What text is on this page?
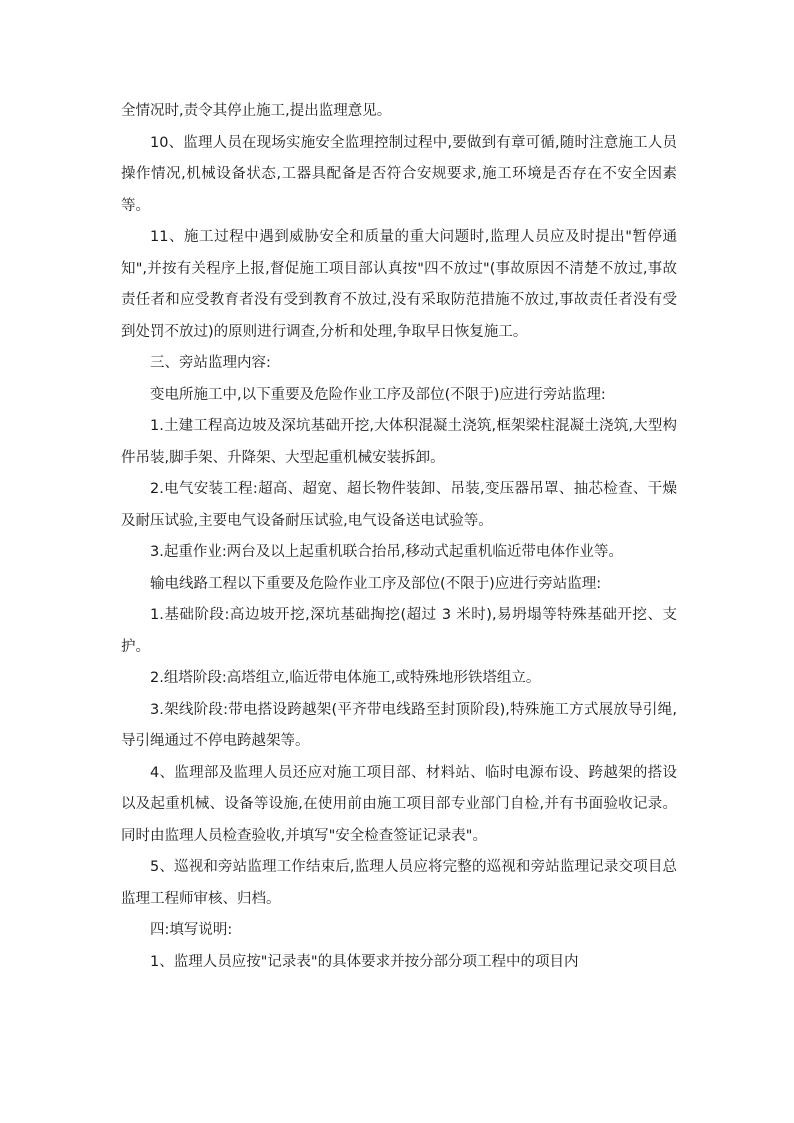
全情况时,责令其停止施工,提出监理意见。

10、监理人员在现场实施安全监理控制过程中,要做到有章可循,随时注意施工人员操作情况,机械设备状态,工器具配备是否符合安规要求,施工环境是否存在不安全因素等。

11、施工过程中遇到威胁安全和质量的重大问题时,监理人员应及时提出"暂停通知",并按有关程序上报,督促施工项目部认真按"四不放过"(事故原因不清楚不放过,事故责任者和应受教育者没有受到教育不放过,没有采取防范措施不放过,事故责任者没有受到处罚不放过)的原则进行调查,分析和处理,争取早日恢复施工。

三、旁站监理内容:

变电所施工中,以下重要及危险作业工序及部位(不限于)应进行旁站监理:

1.土建工程高边坡及深坑基础开挖,大体积混凝土浇筑,框架梁柱混凝土浇筑,大型构件吊装,脚手架、升降架、大型起重机械安装拆卸。

2.电气安装工程:超高、超宽、超长物件装卸、吊装,变压器吊罩、抽芯检查、干燥及耐压试验,主要电气设备耐压试验,电气设备送电试验等。

3.起重作业:两台及以上起重机联合抬吊,移动式起重机临近带电体作业等。

输电线路工程以下重要及危险作业工序及部位(不限于)应进行旁站监理:

1.基础阶段:高边坡开挖,深坑基础掏挖(超过 3 米时),易坍塌等特殊基础开挖、支护。

2.组塔阶段:高塔组立,临近带电体施工,或特殊地形铁塔组立。

3.架线阶段:带电搭设跨越架(平齐带电线路至封顶阶段),特殊施工方式展放导引绳,导引绳通过不停电跨越架等。

4、监理部及监理人员还应对施工项目部、材料站、临时电源布设、跨越架的搭设以及起重机械、设备等设施,在使用前由施工项目部专业部门自检,并有书面验收记录。同时由监理人员检查验收,并填写"安全检查签证记录表"。

5、巡视和旁站监理工作结束后,监理人员应将完整的巡视和旁站监理记录交项目总监理工程师审核、归档。

四:填写说明:

1、监理人员应按"记录表"的具体要求并按分部分项工程中的项目内
